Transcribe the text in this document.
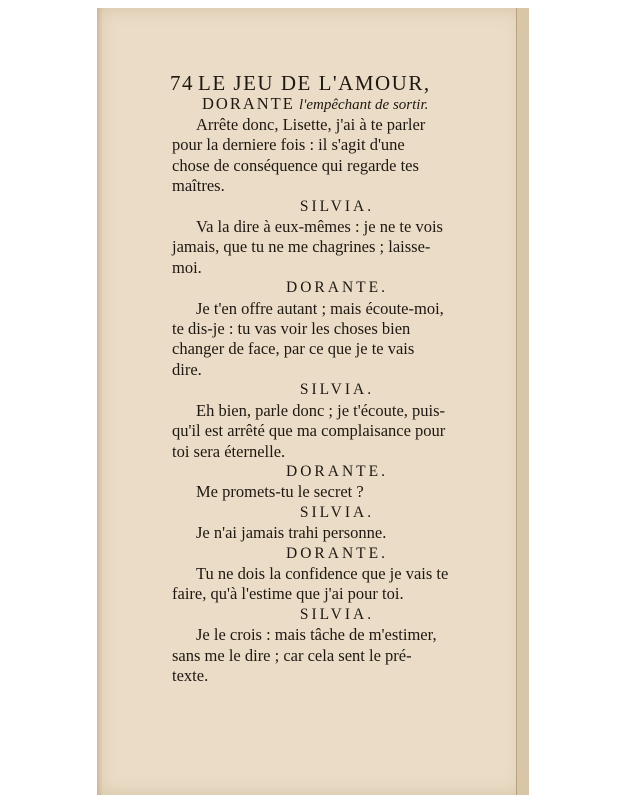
74 LE JEU DE L'AMOUR,
DORANTE l'empêchant de sortir.
Arrête donc, Lisette, j'ai à te parler
pour la derniere fois : il s'agit d'une
chose de conséquence qui regarde tes
maîtres.
SILVIA.
Va la dire à eux-mêmes : je ne te vois
jamais, que tu ne me chagrines ; laisse-
moi.
DORANTE.
Je t'en offre autant ; mais écoute-moi,
te dis-je : tu vas voir les choses bien
changer de face, par ce que je te vais
dire.
SILVIA.
Eh bien, parle donc ; je t'écoute, puis-
qu'il est arrêté que ma complaisance pour
toi sera éternelle.
DORANTE.
Me promets-tu le secret ?
SILVIA.
Je n'ai jamais trahi personne.
DORANTE.
Tu ne dois la confidence que je vais te
faire, qu'à l'estime que j'ai pour toi.
SILVIA.
Je le crois : mais tâche de m'estimer,
sans me le dire ; car cela sent le pré-
texte.
